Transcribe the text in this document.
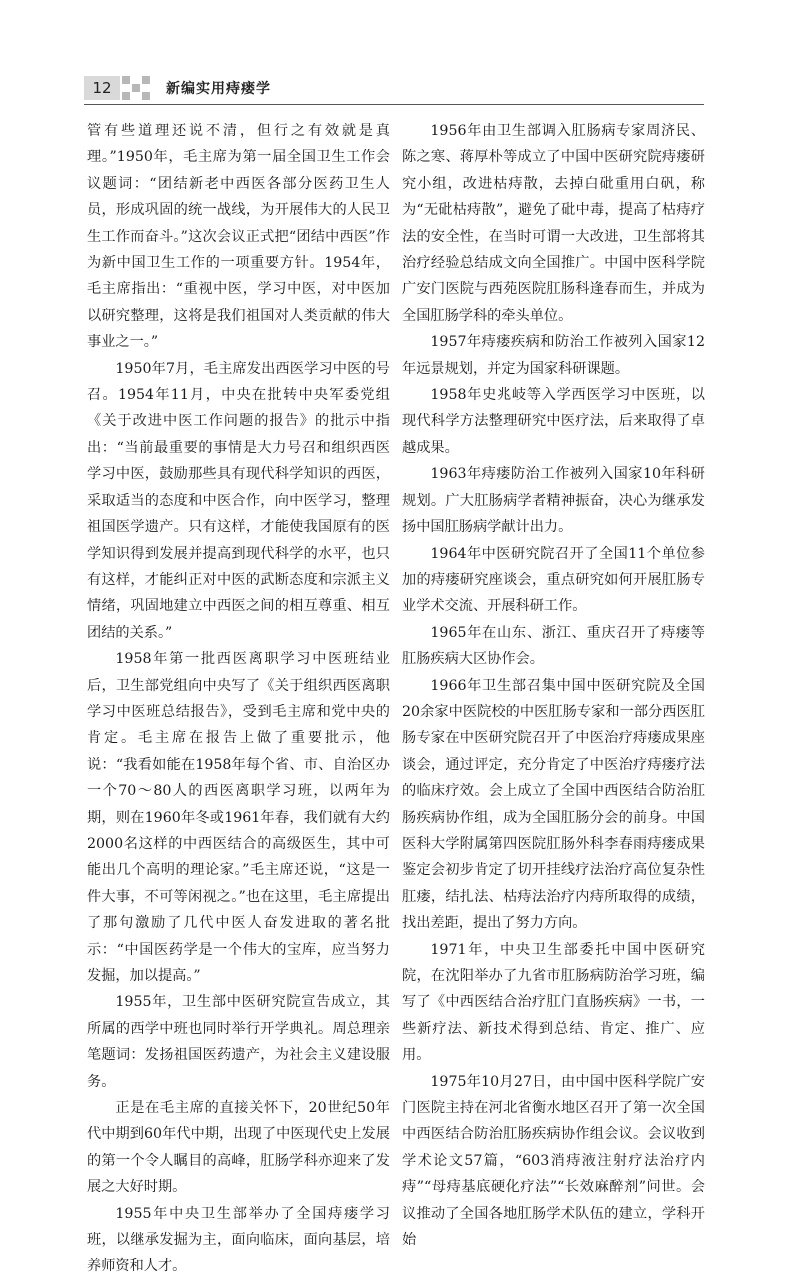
12	新编实用痔瘘学

管有些道理还说不清，但行之有效就是真理。”1950年，毛主席为第一届全国卫生工作会议题词：“团结新老中西医各部分医药卫生人员，形成巩固的统一战线，为开展伟大的人民卫生工作而奋斗。”这次会议正式把“团结中西医”作为新中国卫生工作的一项重要方针。1954年，毛主席指出：“重视中医，学习中医，对中医加以研究整理，这将是我们祖国对人类贡献的伟大事业之一。”

1950年7月，毛主席发出西医学习中医的号召。1954年11月，中央在批转中央军委党组《关于改进中医工作问题的报告》的批示中指出：“当前最重要的事情是大力号召和组织西医学习中医，鼓励那些具有现代科学知识的西医，采取适当的态度和中医合作，向中医学习，整理祖国医学遗产。只有这样，才能使我国原有的医学知识得到发展并提高到现代科学的水平，也只有这样，才能纠正对中医的武断态度和宗派主义情绪，巩固地建立中西医之间的相互尊重、相互团结的关系。”

1958年第一批西医离职学习中医班结业后，卫生部党组向中央写了《关于组织西医离职学习中医班总结报告》，受到毛主席和党中央的肯定。毛主席在报告上做了重要批示，他说：“我看如能在1958年每个省、市、自治区办一个70～80人的西医离职学习班，以两年为期，则在1960年冬或1961年春，我们就有大约2000名这样的中西医结合的高级医生，其中可能出几个高明的理论家。”毛主席还说，“这是一件大事，不可等闲视之。”也在这里，毛主席提出了那句激励了几代中医人奋发进取的著名批示：“中国医药学是一个伟大的宝库，应当努力发掘，加以提高。”

1955年，卫生部中医研究院宣告成立，其所属的西学中班也同时举行开学典礼。周总理亲笔题词：发扬祖国医药遗产，为社会主义建设服务。

正是在毛主席的直接关怀下，20世纪50年代中期到60年代中期，出现了中医现代史上发展的第一个令人瞩目的高峰，肛肠学科亦迎来了发展之大好时期。

1955年中央卫生部举办了全国痔瘘学习班，以继承发掘为主，面向临床，面向基层，培养师资和人才。

1956年由卫生部调入肛肠病专家周济民、陈之寒、蒋厚朴等成立了中国中医研究院痔瘘研究小组，改进枯痔散，去掉白砒重用白矾，称为“无砒枯痔散”，避免了砒中毒，提高了枯痔疗法的安全性，在当时可谓一大改进，卫生部将其治疗经验总结成文向全国推广。中国中医科学院广安门医院与西苑医院肛肠科逢春而生，并成为全国肛肠学科的牵头单位。

1957年痔瘘疾病和防治工作被列入国家12年远景规划，并定为国家科研课题。

1958年史兆岐等入学西医学习中医班，以现代科学方法整理研究中医疗法，后来取得了卓越成果。

1963年痔瘘防治工作被列入国家10年科研规划。广大肛肠病学者精神振奋，决心为继承发扬中国肛肠病学献计出力。

1964年中医研究院召开了全国11个单位参加的痔瘘研究座谈会，重点研究如何开展肛肠专业学术交流、开展科研工作。

1965年在山东、浙江、重庆召开了痔瘘等肛肠疾病大区协作会。

1966年卫生部召集中国中医研究院及全国20余家中医院校的中医肛肠专家和一部分西医肛肠专家在中医研究院召开了中医治疗痔瘘成果座谈会，通过评定，充分肯定了中医治疗痔瘘疗法的临床疗效。会上成立了全国中西医结合防治肛肠疾病协作组，成为全国肛肠分会的前身。中国医科大学附属第四医院肛肠外科李春雨痔瘘成果鉴定会初步肯定了切开挂线疗法治疗高位复杂性肛瘘，结扎法、枯痔法治疗内痔所取得的成绩，找出差距，提出了努力方向。

1971年，中央卫生部委托中国中医研究院，在沈阳举办了九省市肛肠病防治学习班，编写了《中西医结合治疗肛门直肠疾病》一书，一些新疗法、新技术得到总结、肯定、推广、应用。

1975年10月27日，由中国中医科学院广安门医院主持在河北省衡水地区召开了第一次全国中西医结合防治肛肠疾病协作组会议。会议收到学术论文57篇，“603消痔液注射疗法治疗内痔”“母痔基底硬化疗法”“长效麻醉剂”问世。会议推动了全国各地肛肠学术队伍的建立，学科开始
